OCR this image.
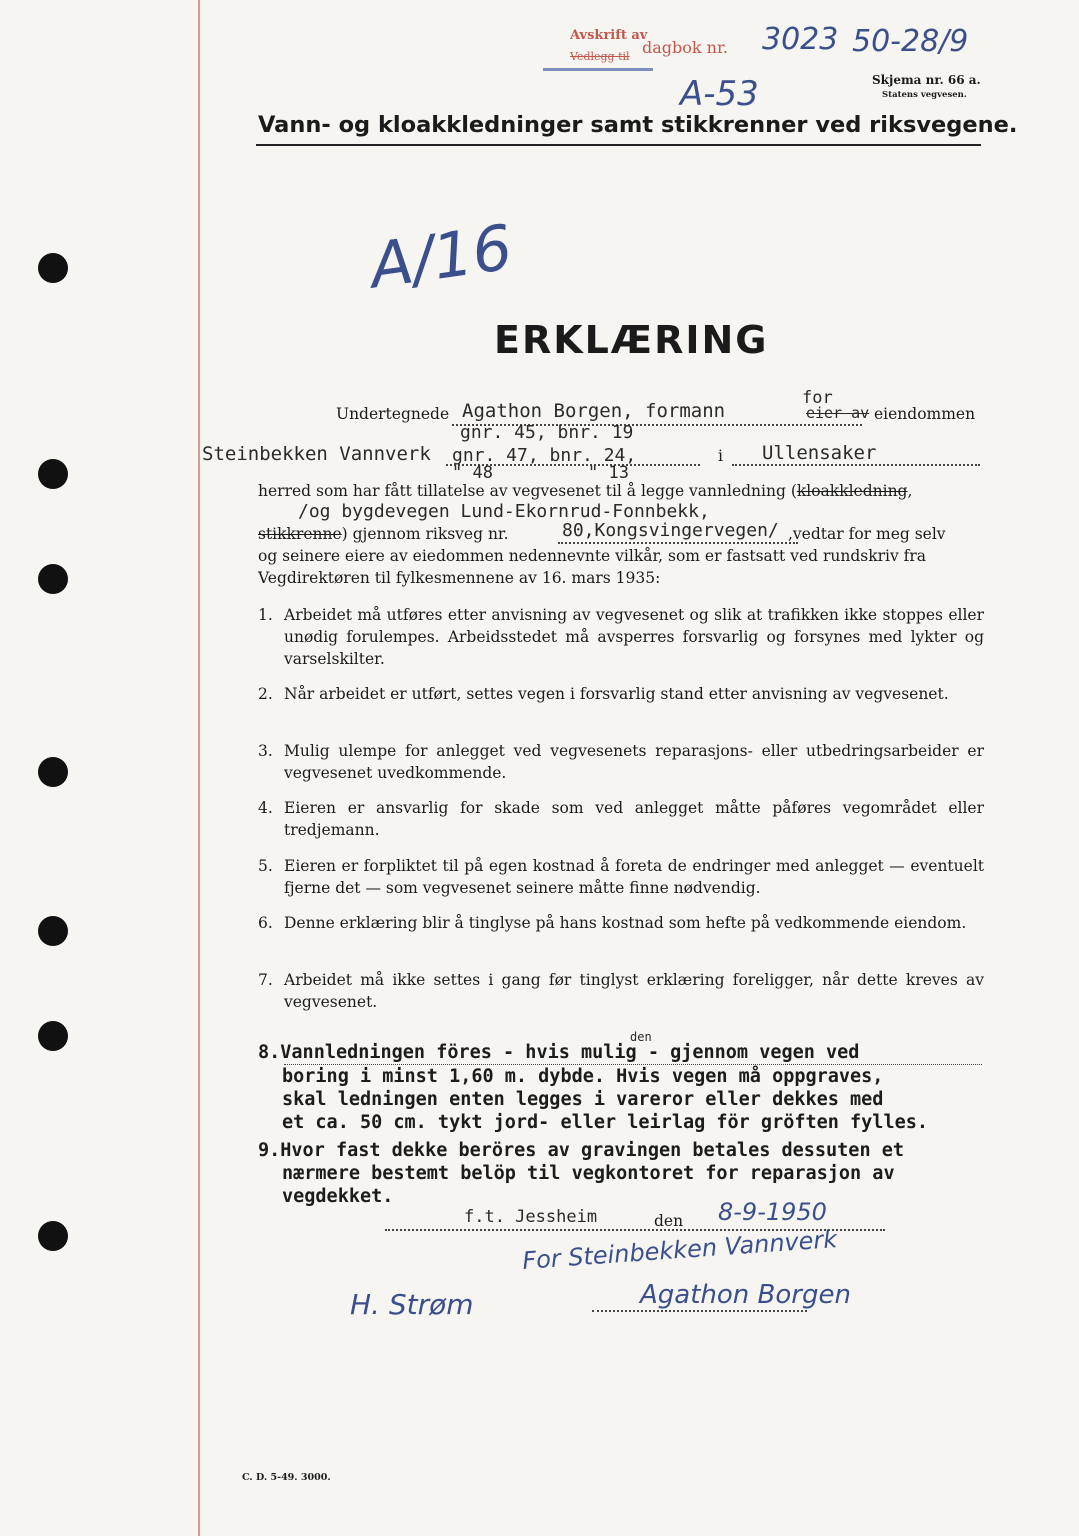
Avskrift av
Vedlegg til dagbok nr. 3023 50-28/9
A-53	Skjema nr. 66 a.
Statens vegvesen.
Vann- og kloakkledninger samt stikkrenner ved riksvegene.
A/16
ERKLÆRING
Undertegnede Agathon Borgen, formann
for
eier av eiendommen
gnr. 45, bnr. 19
Steinbekken Vannverk gnr. 47, bnr. 24,	i Ullensaker
" 48	" 13
herred som har fått tillatelse av vegvesenet til å legge vannledning (kloakkledning,
/og bygdevegen Lund-Ekornrud-Fonnbekk,
stikkrenne) gjennom riksveg nr.	80,Kongsvingervegen/ ,vedtar for meg selv
og seinere eiere av eiedommen nedennevnte vilkår, som er fastsatt ved rundskriv fra
Vegdirektøren til fylkesmennene av 16. mars 1935:
1. Arbeidet må utføres etter anvisning av vegvesenet og slik at trafikken ikke stoppes eller unødig forulempes. Arbeidsstedet må avsperres forsvarlig og forsynes med lykter og varselskilter.
2. Når arbeidet er utført, settes vegen i forsvarlig stand etter anvisning av vegvesenet.
3. Mulig ulempe for anlegget ved vegvesenets reparasjons- eller utbedringsarbeider er vegvesenet uvedkommende.
4. Eieren er ansvarlig for skade som ved anlegget måtte påføres vegområdet eller tredjemann.
5. Eieren er forpliktet til på egen kostnad å foreta de endringer med anlegget — eventuelt fjerne det — som vegvesenet seinere måtte finne nødvendig.
6. Denne erklæring blir å tinglyse på hans kostnad som hefte på vedkommende eiendom.
7. Arbeidet må ikke settes i gang før tinglyst erklæring foreligger, når dette kreves av vegvesenet.
den
8.Vannledningen föres - hvis mulig - gjennom vegen ved
boring i minst 1,60 m. dybde. Hvis vegen må oppgraves,
skal ledningen enten legges i vareror eller dekkes med
et ca. 50 cm. tykt jord- eller leirlag för gröften fylles.
9.Hvor fast dekke beröres av gravingen betales dessuten et
nærmere bestemt belöp til vegkontoret for reparasjon av
vegdekket.
f.t. Jessheim	den 8-9-1950
For Steinbekken Vannverk
H. Strøm	Agathon Borgen
C. D. 5-49. 3000.
